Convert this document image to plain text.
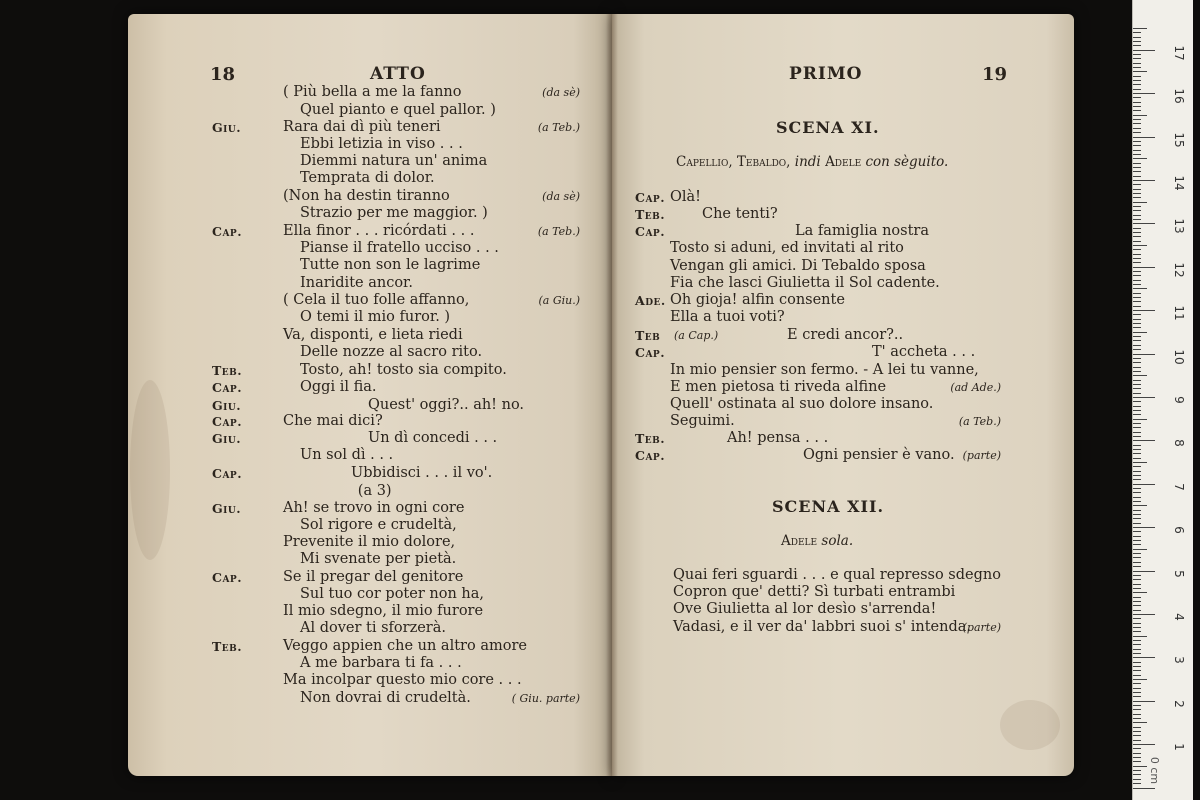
18	ATTO
( Più bella a me la fanno	(da sè)
Quel pianto e quel pallor. )
Giu.	Rara dai dì più teneri	(a Teb.)
Ebbi letizia in viso . . .
Diemmi natura un' anima
Temprata di dolor.
(Non ha destin tiranno	(da sè)
Strazio per me maggior. )
Cap.	Ella finor . . . ricórdati . . .	(a Teb.)
Pianse il fratello ucciso . . .
Tutte non son le lagrime
Inaridite ancor.
( Cela il tuo folle affanno,	(a Giu.)
O temi il mio furor. )
Va, disponti, e lieta riedi
Delle nozze al sacro rito.
Teb.	Tosto, ah! tosto sia compito.
Cap.	Oggi il fia.
Giu.	Quest' oggi?.. ah! no.
Cap.	Che mai dici?
Giu.	Un dì concedi . . .
Un sol dì . . .
Cap.	Ubbidisci . . . il vo'.
(a 3)
Giu.	Ah! se trovo in ogni core
Sol rigore e crudeltà,
Prevenite il mio dolore,
Mi svenate per pietà.
Cap.	Se il pregar del genitore
Sul tuo cor poter non ha,
Il mio sdegno, il mio furore
Al dover ti sforzerà.
Teb.	Veggo appien che un altro amore
A me barbara ti fa . . .
Ma incolpar questo mio core . . .
Non dovrai di crudeltà.	( Giu. parte)
PRIMO	19
SCENA XI.
Capellio, Tebaldo, indi Adele con sèguito.
Cap. Olà!
Teb.	Che tenti?
Cap.	La famiglia nostra
Tosto si aduni, ed invitati al rito
Vengan gli amici. Di Tebaldo sposa
Fia che lasci Giulietta il Sol cadente.
Ade. Oh gioja! alfin consente
Ella a tuoi voti?
Teb (a Cap.)	E credi ancor?..
Cap.	T' accheta . . .
In mio pensier son fermo. - A lei tu vanne,
E men pietosa ti riveda alfine	(ad Ade.)
Quell' ostinata al suo dolore insano.
Seguimi.	(a Teb.)
Teb.	Ah! pensa . . .
Cap.	Ogni pensier è vano. (parte)
SCENA XII.
Adele sola.
Quai feri sguardi . . . e qual represso sdegno
Copron que' detti? Sì turbati entrambi
Ove Giulietta al lor desìo s'arrenda!
Vadasi, e il ver da' labbri suoi s' intenda.
(parte)
17
16
15
14
13
12
11
10
9
8
7
6
5
4
3
2
1
0 cm
